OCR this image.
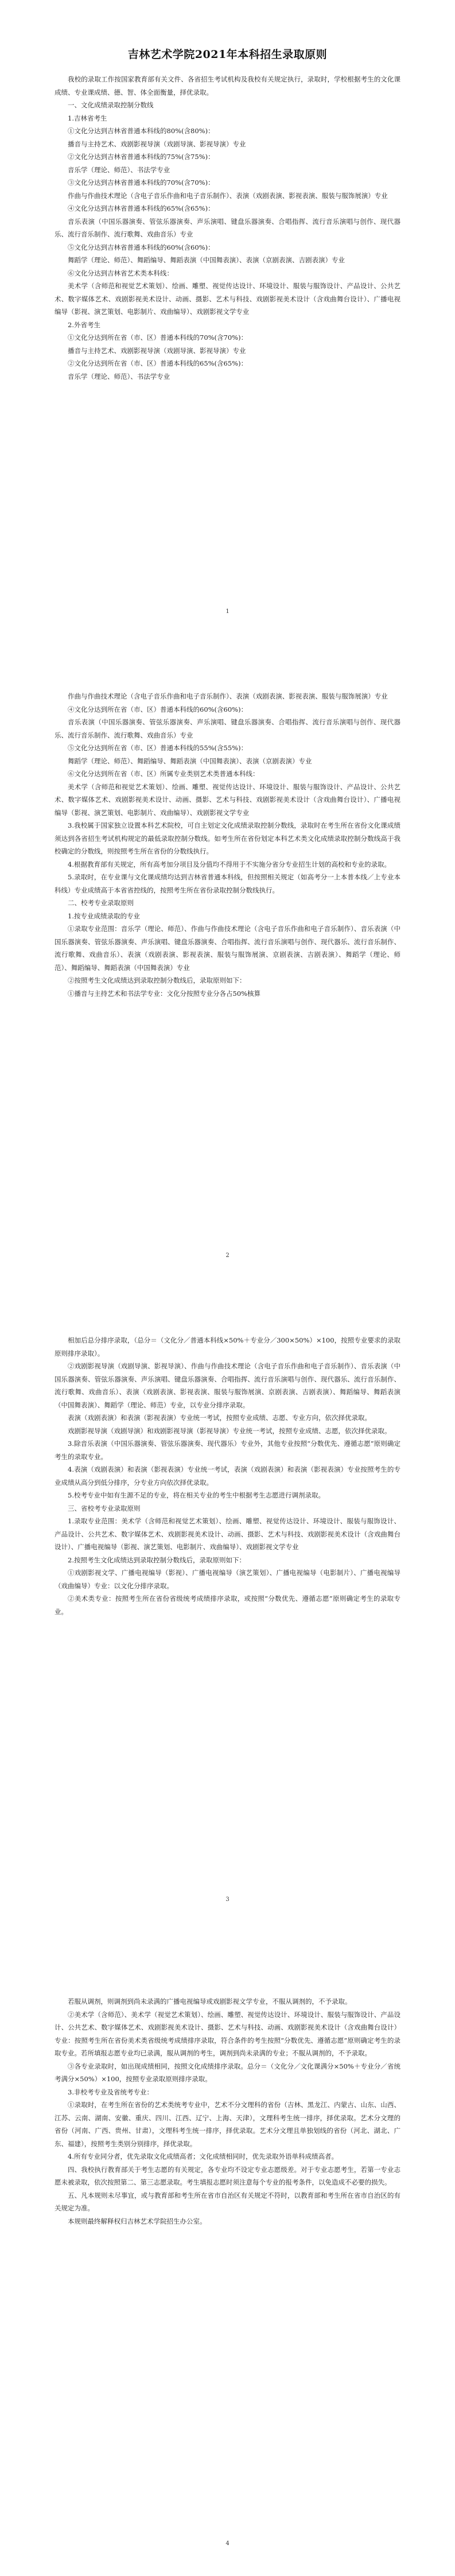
吉林艺术学院2021年本科招生录取原则

我校的录取工作按国家教育部有关文件、各省招生考试机构及我校有关规定执行，录取时，学校根据考生的文化课成绩、专业课成绩、德、智、体全面衡量，择优录取。

一、文化成绩录取控制分数线

1.吉林省考生

①文化分达到吉林省普通本科线的80%(含80%)：

播音与主持艺术、戏剧影视导演（戏剧导演、影视导演）专业

②文化分达到吉林省普通本科线的75%(含75%)：

音乐学（理论、师范）、书法学专业

③文化分达到吉林省普通本科线的70%(含70%)：

作曲与作曲技术理论（含电子音乐作曲和电子音乐制作）、表演（戏剧表演、影视表演、服装与服饰展演）专业

④文化分达到吉林省普通本科线的65%(含65%)：

音乐表演（中国乐器演奏、管弦乐器演奏、声乐演唱、键盘乐器演奏、合唱指挥、流行音乐演唱与创作、现代器乐、流行音乐制作、流行歌舞、戏曲音乐）专业

⑤文化分达到吉林省普通本科线的60%(含60%)：

舞蹈学（理论、师范）、舞蹈编导、舞蹈表演（中国舞表演）、表演（京剧表演、吉剧表演）专业

⑥文化分达到吉林省艺术类本科线：

美术学（含师范和视觉艺术策划）、绘画、雕塑、视觉传达设计、环境设计、服装与服饰设计、产品设计、公共艺术、数字媒体艺术、戏剧影视美术设计、动画、摄影、艺术与科技、戏剧影视美术设计（含戏曲舞台设计）、广播电视编导（影视、演艺策划、电影制片、戏曲编导）、戏剧影视文学专业

2.外省考生

①文化分达到所在省（市、区）普通本科线的70%(含70%)：

播音与主持艺术、戏剧影视导演（戏剧导演、影视导演）专业

②文化分达到所在省（市、区）普通本科线的65%(含65%)：

音乐学（理论、师范）、书法学专业

1

作曲与作曲技术理论（含电子音乐作曲和电子音乐制作）、表演（戏剧表演、影视表演、服装与服饰展演）专业

④文化分达到所在省（市、区）普通本科线的60%(含60%)：

音乐表演（中国乐器演奏、管弦乐器演奏、声乐演唱、键盘乐器演奏、合唱指挥、流行音乐演唱与创作、现代器乐、流行音乐制作、流行歌舞、戏曲音乐）专业

⑤文化分达到所在省（市、区）普通本科线的55%(含55%)：

舞蹈学（理论、师范）、舞蹈编导、舞蹈表演（中国舞表演）、表演（京剧表演）专业

⑥文化分达到所在省（市、区）所属专业类别艺术类普通本科线：

美术学（含师范和视觉艺术策划）、绘画、雕塑、视觉传达设计、环境设计、服装与服饰设计、产品设计、公共艺术、数字媒体艺术、戏剧影视美术设计、动画、摄影、艺术与科技、戏剧影视美术设计（含戏曲舞台设计）、广播电视编导（影视、演艺策划、电影制片、戏曲编导）、戏剧影视文学专业

3.我校属于国家独立设置本科艺术院校，可自主划定文化成绩录取控制分数线，录取时在考生所在省份文化课成绩须达到各省招生考试机构规定的最低录取控制分数线。如考生所在省份划定本科艺术类文化成绩录取控制分数线高于我校确定的分数线，则按照考生所在省份的分数线执行。

4.根据教育部有关规定，所有高考加分项目及分值均不得用于不实施分省分专业招生计划的高校和专业的录取。

5.录取时，在专业课与文化课成绩均达到吉林省普通本科线，但按照相关规定（如高考分一上本普本线／上专业本科线）专业成绩高于本省省控线的，按照考生所在省份录取控制分数线执行。

二、校考专业录取原则

1.按专业成绩录取的专业

①录取专业范围：音乐学（理论、师范）、作曲与作曲技术理论（含电子音乐作曲和电子音乐制作）、音乐表演（中国乐器演奏、管弦乐器演奏、声乐演唱、键盘乐器演奏、合唱指挥、流行音乐演唱与创作、现代器乐、流行音乐制作、流行歌舞、戏曲音乐）、表演（戏剧表演、影视表演、服装与服饰展演、京剧表演、吉剧表演）、舞蹈学（理论、师范）、舞蹈编导、舞蹈表演（中国舞表演）专业

②按照考生文化成绩达到录取控制分数线后，录取原则如下：

①播音与主持艺术和书法学专业：文化分按照专业分各占50%核算

2

相加后总分排序录取，（总分＝（文化分／普通本科线×50%＋专业分／300×50%）×100，按照专业要求的录取原则排序录取）。

②戏剧影视导演（戏剧导演、影视导演）、作曲与作曲技术理论（含电子音乐作曲和电子音乐制作）、音乐表演（中国乐器演奏、管弦乐器演奏、声乐演唱、键盘乐器演奏、合唱指挥、流行音乐演唱与创作、现代器乐、流行音乐制作、流行歌舞、戏曲音乐）、表演（戏剧表演、影视表演、服装与服饰展演、京剧表演、吉剧表演）、舞蹈编导、舞蹈表演（中国舞表演）、舞蹈学（理论、师范）专业，以专业分排序录取。

表演（戏剧表演）和表演（影视表演）专业统一考试，按照专业成绩、志愿、专业方向，依次择优录取。

戏剧影视导演（戏剧导演）和戏剧影视导演（影视导演）专业统一考试，按照专业成绩、志愿，依次择优录取。

3.除音乐表演（中国乐器演奏、管弦乐器演奏、现代器乐）专业外，其他专业按照“分数优先、遵循志愿”原则确定考生的录取专业。

4.表演（戏剧表演）和表演（影视表演）专业统一考试，表演（戏剧表演）和表演（影视表演）专业按照考生的专业成绩从高分到低分排序，分专业方向依次择优录取。

5.校考专业中如有生源不足的专业，将在相关专业的考生中根据考生志愿进行调剂录取。

三、省校考专业录取原则

1.录取专业范围：美术学（含师范和视觉艺术策划）、绘画、雕塑、视觉传达设计、环境设计、服装与服饰设计、产品设计、公共艺术、数字媒体艺术、戏剧影视美术设计、动画、摄影、艺术与科技、戏剧影视美术设计（含戏曲舞台设计）、广播电视编导（影视、演艺策划、电影制片、戏曲编导）、戏剧影视文学专业

2.按照考生文化成绩达到录取控制分数线后，录取原则如下：

①戏剧影视文学、广播电视编导（影视）、广播电视编导（演艺策划）、广播电视编导（电影制片）、广播电视编导（戏曲编导）专业：以文化分排序录取。

②美术类专业：按照考生所在省份省级统考成绩排序录取，或按照“分数优先、遵循志愿”原则确定考生的录取专业。

3

若服从调剂，则调剂到尚未录满的广播电视编导或戏剧影视文学专业，不服从调剂的，不予录取。

②美术学（含师范）、美术学（视觉艺术策划）、绘画、雕塑、视觉传达设计、环境设计、服装与服饰设计、产品设计、公共艺术、数字媒体艺术、戏剧影视美术设计、摄影、艺术与科技、动画、戏剧影视美术设计（含戏曲舞台设计）专业：按照考生所在省份美术类省级统考成绩排序录取，符合条件的考生按照“分数优先、遵循志愿”原则确定考生的录取专业。若所填报志愿专业均已录满，服从调剂的考生，调剂到尚未录满的专业；不服从调剂的，不予录取。

③各专业录取时，如出现成绩相同，按照文化成绩排序录取。总分＝（文化分／文化课满分×50%＋专业分／省统考满分×50%）×100，按照专业录取原则排序录取。

3.非校考专业及省统考专业：

①录取时，在考生所在省份的艺术类统考专业中，艺术不分文理科的省份（吉林、黑龙江、内蒙古、山东、山西、江苏、云南、湖南、安徽、重庆、四川、江西、辽宁、上海、天津），文理科考生统一排序，择优录取。艺术分文理的省份（河南、广西、贵州、甘肃），文理科考生统一排序，择优录取。艺术分文理且单独划线的省份（河北、湖北、广东、福建），按照考生类别分别排序，择优录取。

4.所有专业同分者，优先录取文化成绩高者；文化成绩相同时，优先录取外语单科成绩高者。

四、我校执行教育部关于考生志愿的有关规定，各专业均不设定专业志愿级差。对于专业志愿考生，若第一专业志愿未被录取，依次按照第二、第三志愿录取。考生填报志愿时须注意每个专业的报考条件，以免造成不必要的损失。

五、凡本规则未尽事宜，或与教育部和考生所在省市自治区有关规定不符时，以教育部和考生所在省市自治区的有关规定为准。

本规则最终解释权归吉林艺术学院招生办公室。

4
